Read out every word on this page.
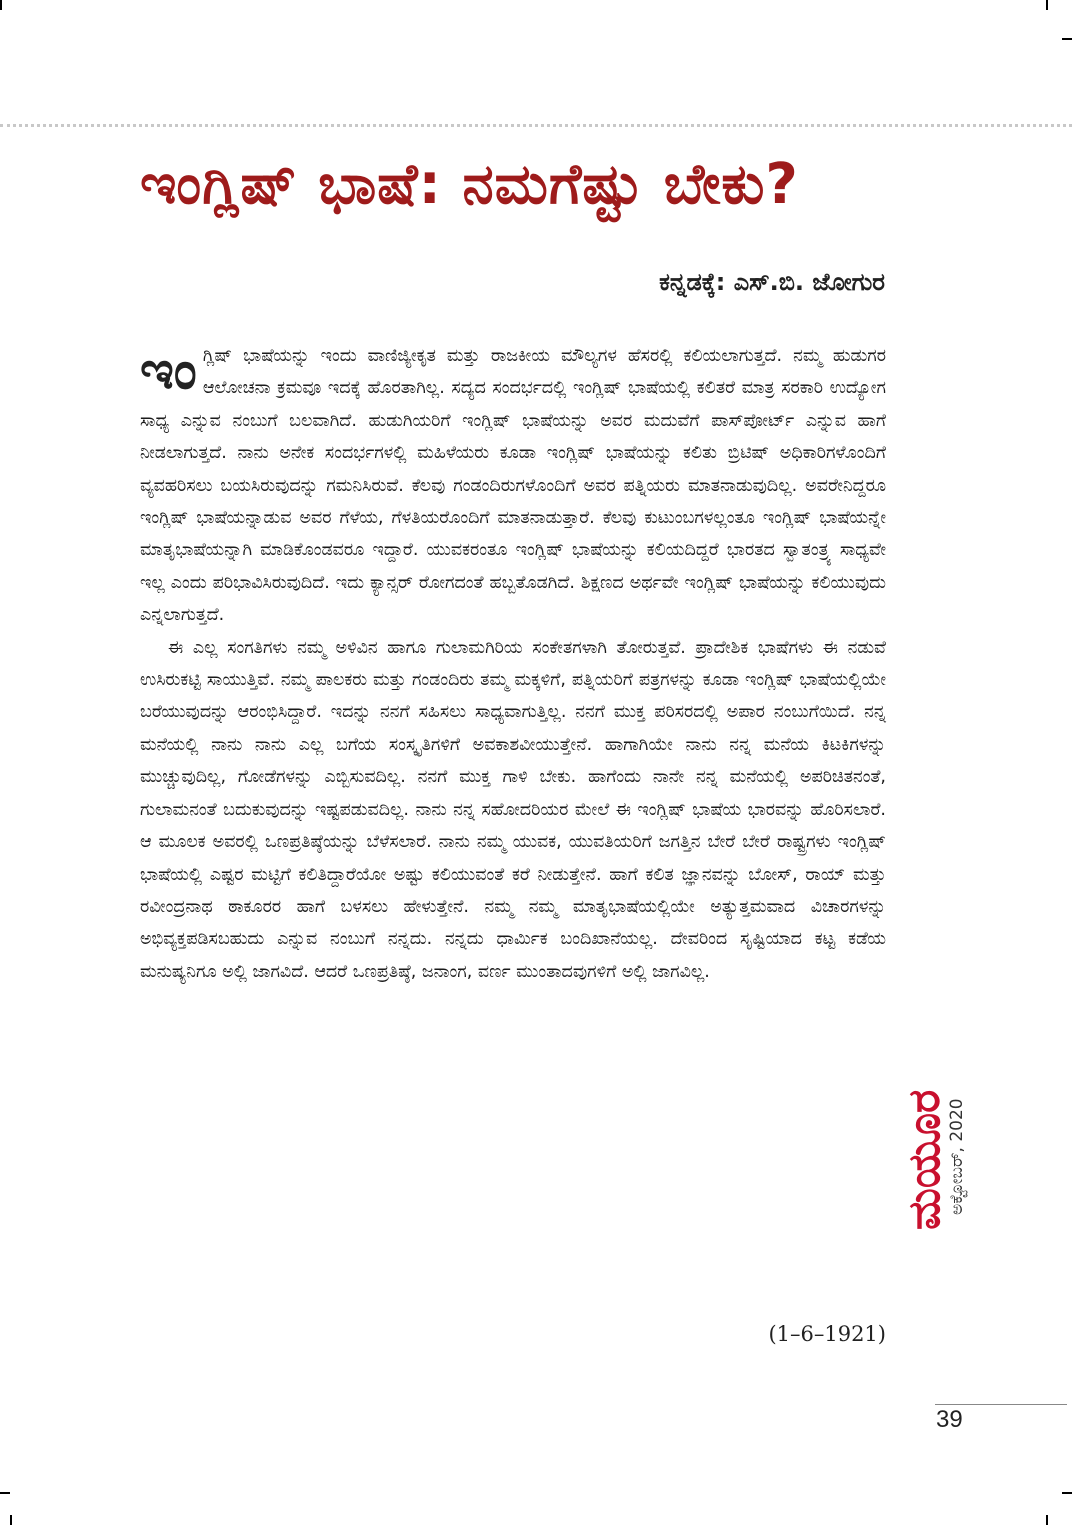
ಇಂಗ್ಲಿಷ್ ಭಾಷೆ: ನಮಗೆಷ್ಟು ಬೇಕು?
ಕನ್ನಡಕ್ಕೆ: ಎಸ್.ಬಿ. ಜೋಗುರ

ಇಂ ಗ್ಲಿಷ್ ಭಾಷೆಯನ್ನು ಇಂದು ವಾಣಿಜ್ಯೀಕೃತ ಮತ್ತು ರಾಜಕೀಯ ಮೌಲ್ಯಗಳ ಹೆಸರಲ್ಲಿ ಕಲಿಯಲಾಗುತ್ತದೆ. ನಮ್ಮ ಹುಡುಗರ ಆಲೋಚನಾ ಕ್ರಮವೂ ಇದಕ್ಕೆ ಹೊರತಾಗಿಲ್ಲ. ಸದ್ಯದ ಸಂದರ್ಭದಲ್ಲಿ ಇಂಗ್ಲಿಷ್ ಭಾಷೆಯಲ್ಲಿ ಕಲಿತರೆ ಮಾತ್ರ ಸರಕಾರಿ ಉದ್ಯೋಗ ಸಾಧ್ಯ ಎನ್ನುವ ನಂಬುಗೆ ಬಲವಾಗಿದೆ. ಹುಡುಗಿಯರಿಗೆ ಇಂಗ್ಲಿಷ್ ಭಾಷೆಯನ್ನು ಅವರ ಮದುವೆಗೆ ಪಾಸ್‌ಪೋರ್ಟ್ ಎನ್ನುವ ಹಾಗೆ ನೀಡಲಾಗುತ್ತದೆ. ನಾನು ಅನೇಕ ಸಂದರ್ಭಗಳಲ್ಲಿ ಮಹಿಳೆಯರು ಕೂಡಾ ಇಂಗ್ಲಿಷ್ ಭಾಷೆಯನ್ನು ಕಲಿತು ಬ್ರಿಟಿಷ್ ಅಧಿಕಾರಿಗಳೊಂದಿಗೆ ವ್ಯವಹರಿಸಲು ಬಯಸಿರುವುದನ್ನು ಗಮನಿಸಿರುವೆ. ಕೆಲವು ಗಂಡಂದಿರುಗಳೊಂದಿಗೆ ಅವರ ಪತ್ನಿಯರು ಮಾತನಾಡುವುದಿಲ್ಲ. ಅವರೇನಿದ್ದರೂ ಇಂಗ್ಲಿಷ್ ಭಾಷೆಯನ್ನಾಡುವ ಅವರ ಗೆಳೆಯ, ಗೆಳತಿಯರೊಂದಿಗೆ ಮಾತನಾಡುತ್ತಾರೆ. ಕೆಲವು ಕುಟುಂಬಗಳಲ್ಲಂತೂ ಇಂಗ್ಲಿಷ್ ಭಾಷೆಯನ್ನೇ ಮಾತೃಭಾಷೆಯನ್ನಾಗಿ ಮಾಡಿಕೊಂಡವರೂ ಇದ್ದಾರೆ. ಯುವಕರಂತೂ ಇಂಗ್ಲಿಷ್ ಭಾಷೆಯನ್ನು ಕಲಿಯದಿದ್ದರೆ ಭಾರತದ ಸ್ವಾತಂತ್ರ್ಯ ಸಾಧ್ಯವೇ ಇಲ್ಲ ಎಂದು ಪರಿಭಾವಿಸಿರುವುದಿದೆ. ಇದು ಕ್ಯಾನ್ಸರ್ ರೋಗದಂತೆ ಹಬ್ಬತೊಡಗಿದೆ. ಶಿಕ್ಷಣದ ಅರ್ಥವೇ ಇಂಗ್ಲಿಷ್ ಭಾಷೆಯನ್ನು ಕಲಿಯುವುದು ಎನ್ನಲಾಗುತ್ತದೆ.

ಈ ಎಲ್ಲ ಸಂಗತಿಗಳು ನಮ್ಮ ಅಳಿವಿನ ಹಾಗೂ ಗುಲಾಮಗಿರಿಯ ಸಂಕೇತಗಳಾಗಿ ತೋರುತ್ತವೆ. ಪ್ರಾದೇಶಿಕ ಭಾಷೆಗಳು ಈ ನಡುವೆ ಉಸಿರುಕಟ್ಟಿ ಸಾಯುತ್ತಿವೆ. ನಮ್ಮ ಪಾಲಕರು ಮತ್ತು ಗಂಡಂದಿರು ತಮ್ಮ ಮಕ್ಕಳಿಗೆ, ಪತ್ನಿಯರಿಗೆ ಪತ್ರಗಳನ್ನು ಕೂಡಾ ಇಂಗ್ಲಿಷ್ ಭಾಷೆಯಲ್ಲಿಯೇ ಬರೆಯುವುದನ್ನು ಆರಂಭಿಸಿದ್ದಾರೆ. ಇದನ್ನು ನನಗೆ ಸಹಿಸಲು ಸಾಧ್ಯವಾಗುತ್ತಿಲ್ಲ. ನನಗೆ ಮುಕ್ತ ಪರಿಸರದಲ್ಲಿ ಅಪಾರ ನಂಬುಗೆಯಿದೆ. ನನ್ನ ಮನೆಯಲ್ಲಿ ನಾನು ನಾನು ಎಲ್ಲ ಬಗೆಯ ಸಂಸ್ಕೃತಿಗಳಿಗೆ ಅವಕಾಶವೀಯುತ್ತೇನೆ. ಹಾಗಾಗಿಯೇ ನಾನು ನನ್ನ ಮನೆಯ ಕಿಟಕಿಗಳನ್ನು ಮುಚ್ಚುವುದಿಲ್ಲ, ಗೋಡೆಗಳನ್ನು ಎಬ್ಬಿಸುವದಿಲ್ಲ. ನನಗೆ ಮುಕ್ತ ಗಾಳಿ ಬೇಕು. ಹಾಗೆಂದು ನಾನೇ ನನ್ನ ಮನೆಯಲ್ಲಿ ಅಪರಿಚಿತನಂತೆ, ಗುಲಾಮನಂತೆ ಬದುಕುವುದನ್ನು ಇಷ್ಟಪಡುವದಿಲ್ಲ. ನಾನು ನನ್ನ ಸಹೋದರಿಯರ ಮೇಲೆ ಈ ಇಂಗ್ಲಿಷ್ ಭಾಷೆಯ ಭಾರವನ್ನು ಹೊರಿಸಲಾರೆ. ಆ ಮೂಲಕ ಅವರಲ್ಲಿ ಒಣಪ್ರತಿಷ್ಠೆಯನ್ನು ಬೆಳೆಸಲಾರೆ. ನಾನು ನಮ್ಮ ಯುವಕ, ಯುವತಿಯರಿಗೆ ಜಗತ್ತಿನ ಬೇರೆ ಬೇರೆ ರಾಷ್ಟ್ರಗಳು ಇಂಗ್ಲಿಷ್ ಭಾಷೆಯಲ್ಲಿ ಎಷ್ಟರ ಮಟ್ಟಿಗೆ ಕಲಿತಿದ್ದಾರೆಯೋ ಅಷ್ಟು ಕಲಿಯುವಂತೆ ಕರೆ ನೀಡುತ್ತೇನೆ. ಹಾಗೆ ಕಲಿತ ಜ್ಞಾನವನ್ನು ಬೋಸ್, ರಾಯ್ ಮತ್ತು ರವೀಂದ್ರನಾಥ ಠಾಕೂರರ ಹಾಗೆ ಬಳಸಲು ಹೇಳುತ್ತೇನೆ. ನಮ್ಮ ನಮ್ಮ ಮಾತೃಭಾಷೆಯಲ್ಲಿಯೇ ಅತ್ಯುತ್ತಮವಾದ ವಿಚಾರಗಳನ್ನು ಅಭಿವ್ಯಕ್ತಪಡಿಸಬಹುದು ಎನ್ನುವ ನಂಬುಗೆ ನನ್ನದು. ನನ್ನದು ಧಾರ್ಮಿಕ ಬಂದಿಖಾನೆಯಲ್ಲ. ದೇವರಿಂದ ಸೃಷ್ಟಿಯಾದ ಕಟ್ಟ ಕಡೆಯ ಮನುಷ್ಯನಿಗೂ ಅಲ್ಲಿ ಜಾಗವಿದೆ. ಆದರೆ ಒಣಪ್ರತಿಷ್ಠೆ, ಜನಾಂಗ, ವರ್ಣ ಮುಂತಾದವುಗಳಿಗೆ ಅಲ್ಲಿ ಜಾಗವಿಲ್ಲ.

(1–6–1921)
ಅಕ್ಟೋಬರ್, 2020
ಮಯೂರ
39
